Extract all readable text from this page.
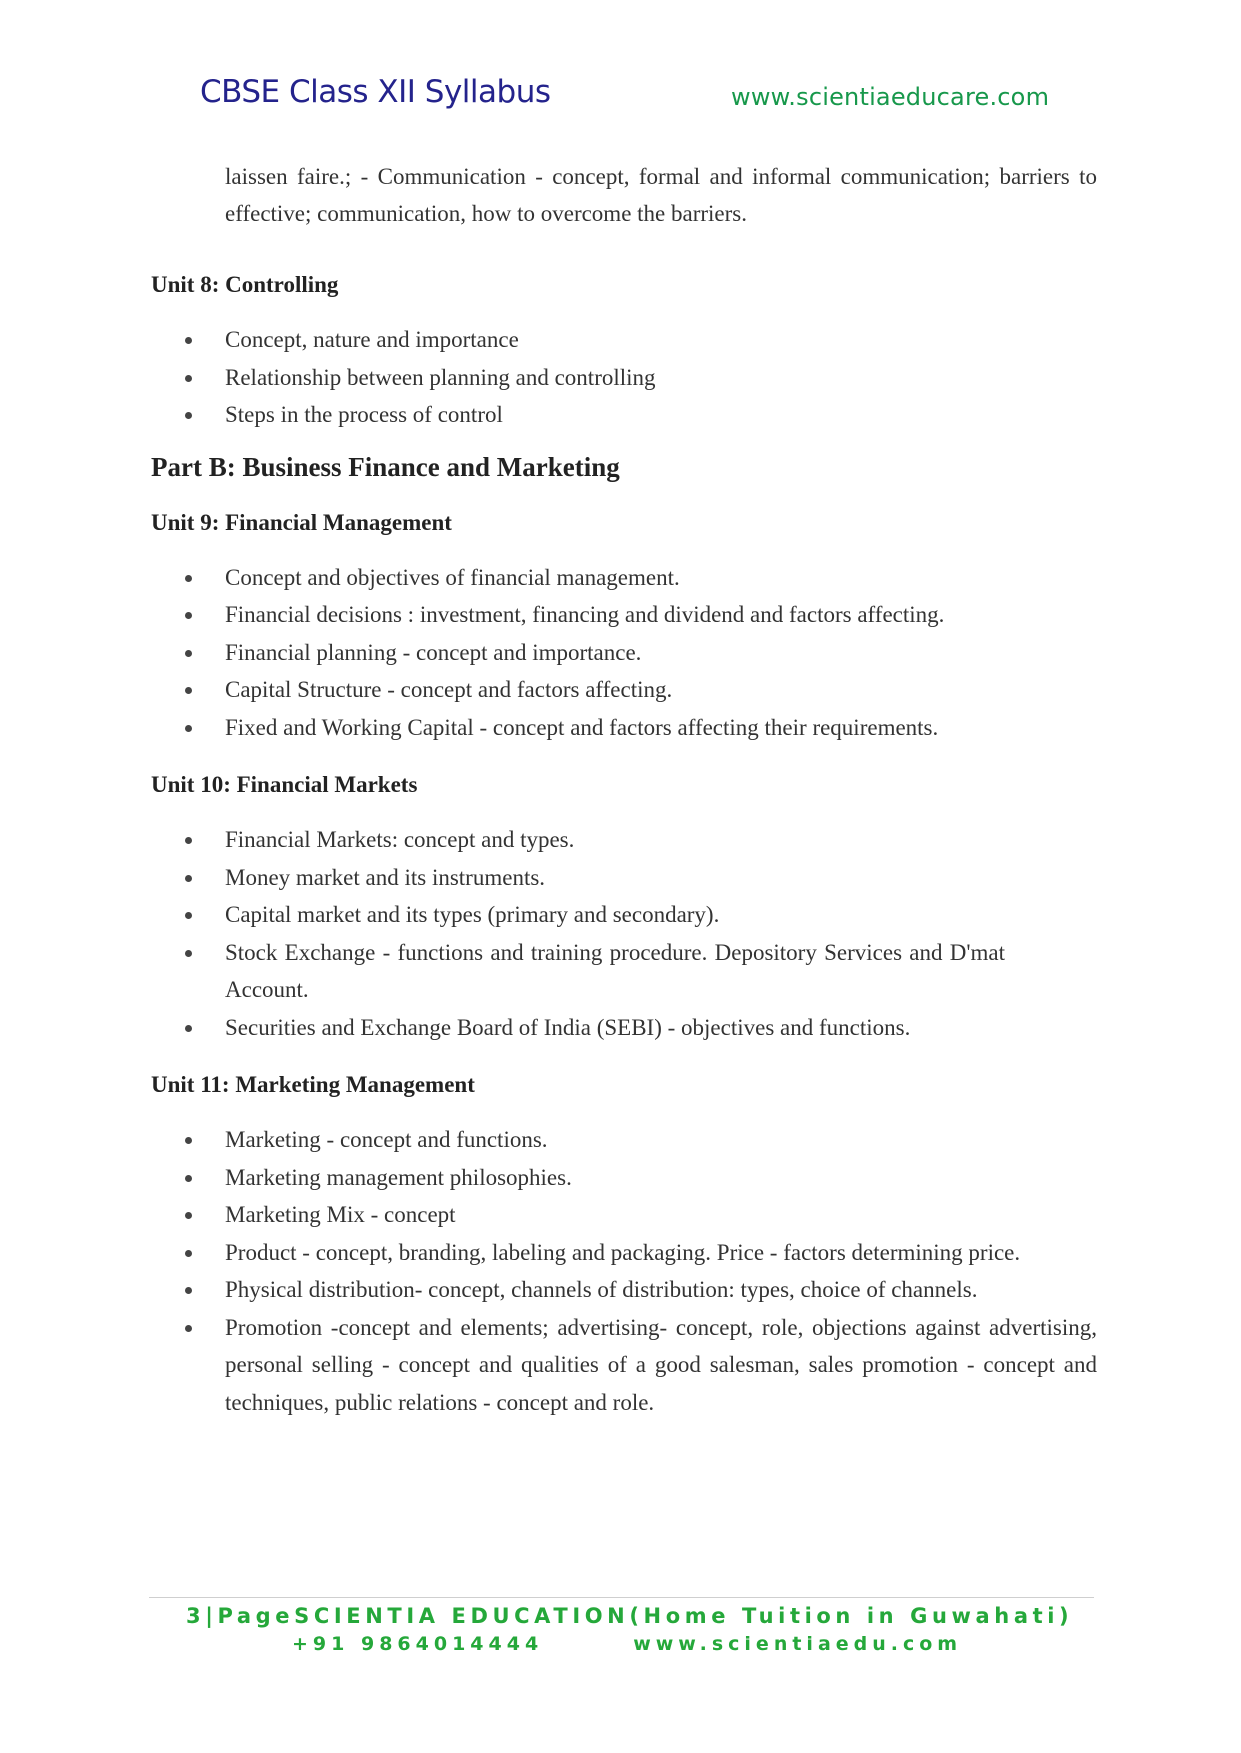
CBSE Class XII Syllabus	www.scientiaeducare.com

laissen faire.; - Communication - concept, formal and informal communication; barriers to effective; communication, how to overcome the barriers.

Unit 8: Controlling
Concept, nature and importance
Relationship between planning and controlling
Steps in the process of control
Part B: Business Finance and Marketing
Unit 9: Financial Management
Concept and objectives of financial management.
Financial decisions : investment, financing and dividend and factors affecting.
Financial planning - concept and importance.
Capital Structure - concept and factors affecting.
Fixed and Working Capital - concept and factors affecting their requirements.
Unit 10: Financial Markets
Financial Markets: concept and types.
Money market and its instruments.
Capital market and its types (primary and secondary).
Stock Exchange - functions and training procedure. Depository Services and D'mat Account.
Securities and Exchange Board of India (SEBI) - objectives and functions.
Unit 11: Marketing Management
Marketing - concept and functions.
Marketing management philosophies.
Marketing Mix - concept
Product - concept, branding, labeling and packaging. Price - factors determining price.
Physical distribution- concept, channels of distribution: types, choice of channels.
Promotion -concept and elements; advertising- concept, role, objections against advertising, personal selling - concept and qualities of a good salesman, sales promotion - concept and techniques, public relations - concept and role.
3|PageSCIENTIA EDUCATION(Home Tuition in Guwahati)
+91 9864014444	www.scientiaedu.com
